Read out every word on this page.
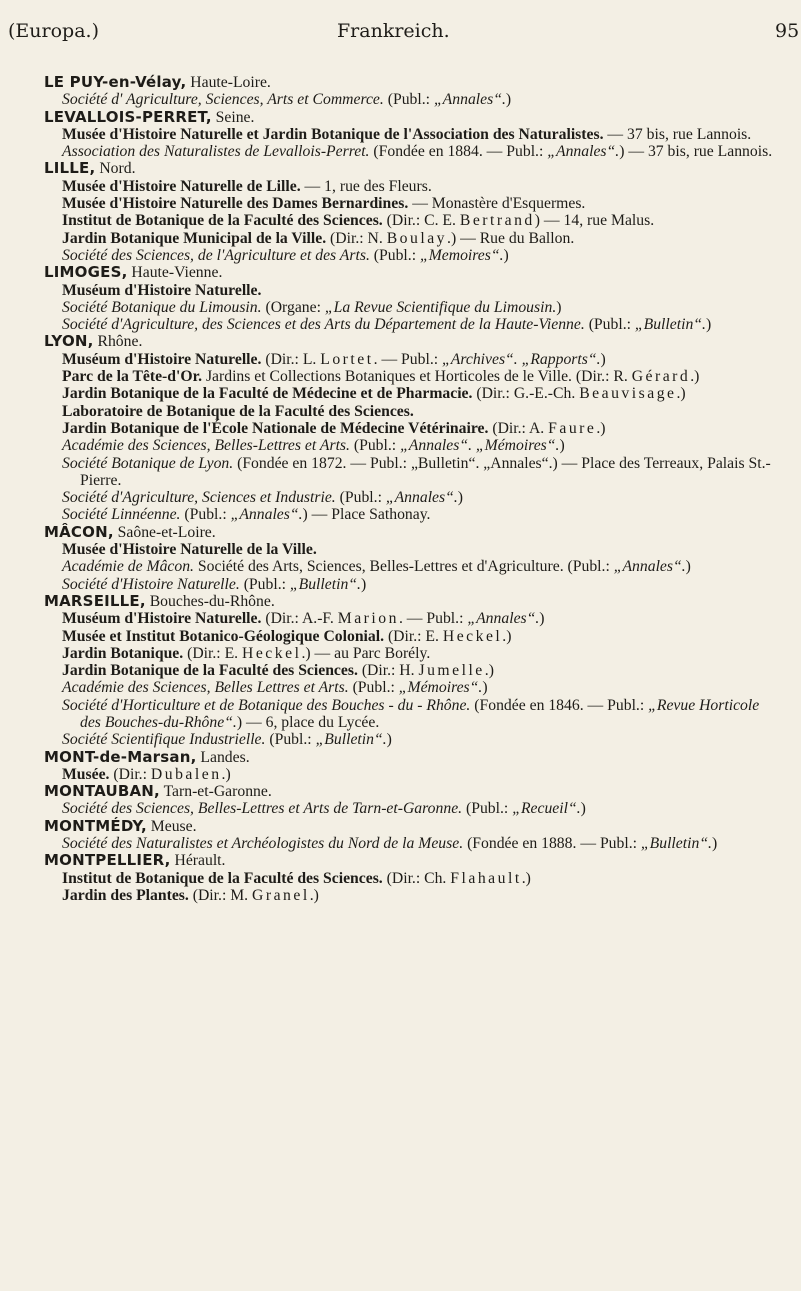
(Europa.)	Frankreich.	95

LE PUY-en-Vélay, Haute-Loire.

Société d' Agriculture, Sciences, Arts et Commerce. (Publ.: „Annales“.)

LEVALLOIS-PERRET, Seine.

Musée d'Histoire Naturelle et Jardin Botanique de l'Association des Naturalistes. — 37 bis, rue Lannois.

Association des Naturalistes de Levallois-Perret. (Fondée en 1884. — Publ.: „Annales“.) — 37 bis, rue Lannois.

LILLE, Nord.

Musée d'Histoire Naturelle de Lille. — 1, rue des Fleurs.

Musée d'Histoire Naturelle des Dames Bernardines. — Monastère d'Esquermes.

Institut de Botanique de la Faculté des Sciences. (Dir.: C. E. Bertrand) — 14, rue Malus.

Jardin Botanique Municipal de la Ville. (Dir.: N. Boulay.) — Rue du Ballon.

Société des Sciences, de l'Agriculture et des Arts. (Publ.: „Memoires“.)

LIMOGES, Haute-Vienne.

Muséum d'Histoire Naturelle.

Société Botanique du Limousin. (Organe: „La Revue Scientifique du Limousin.)

Société d'Agriculture, des Sciences et des Arts du Département de la Haute-Vienne. (Publ.: „Bulletin“.)

LYON, Rhône.

Muséum d'Histoire Naturelle. (Dir.: L. Lortet. — Publ.: „Archives“. „Rapports“.)

Parc de la Tête-d'Or. Jardins et Collections Botaniques et Horticoles de le Ville. (Dir.: R. Gérard.)

Jardin Botanique de la Faculté de Médecine et de Pharmacie. (Dir.: G.-E.-Ch. Beauvisage.)

Laboratoire de Botanique de la Faculté des Sciences.

Jardin Botanique de l'École Nationale de Médecine Vétérinaire. (Dir.: A. Faure.)

Académie des Sciences, Belles-Lettres et Arts. (Publ.: „Annales“. „Mémoires“.)

Société Botanique de Lyon. (Fondée en 1872. — Publ.: „Bulletin“. „Annales“.) — Place des Terreaux, Palais St.-Pierre.

Société d'Agriculture, Sciences et Industrie. (Publ.: „Annales“.)

Société Linnéenne. (Publ.: „Annales“.) — Place Sathonay.

MÂCON, Saône-et-Loire.

Musée d'Histoire Naturelle de la Ville.

Académie de Mâcon. Société des Arts, Sciences, Belles-Lettres et d'Agriculture. (Publ.: „Annales“.)

Société d'Histoire Naturelle. (Publ.: „Bulletin“.)

MARSEILLE, Bouches-du-Rhône.

Muséum d'Histoire Naturelle. (Dir.: A.-F. Marion. — Publ.: „Annales“.)

Musée et Institut Botanico-Géologique Colonial. (Dir.: E. Heckel.)

Jardin Botanique. (Dir.: E. Heckel.) — au Parc Borély.

Jardin Botanique de la Faculté des Sciences. (Dir.: H. Jumelle.)

Académie des Sciences, Belles Lettres et Arts. (Publ.: „Mémoires“.)

Société d'Horticulture et de Botanique des Bouches - du - Rhône. (Fondée en 1846. — Publ.: „Revue Horticole des Bouches-du-Rhône“.) — 6, place du Lycée.

Société Scientifique Industrielle. (Publ.: „Bulletin“.)

MONT-de-Marsan, Landes.

Musée. (Dir.: Dubalen.)

MONTAUBAN, Tarn-et-Garonne.

Société des Sciences, Belles-Lettres et Arts de Tarn-et-Garonne. (Publ.: „Recueil“.)

MONTMÉDY, Meuse.

Société des Naturalistes et Archéologistes du Nord de la Meuse. (Fondée en 1888. — Publ.: „Bulletin“.)

MONTPELLIER, Hérault.

Institut de Botanique de la Faculté des Sciences. (Dir.: Ch. Flahault.)

Jardin des Plantes. (Dir.: M. Granel.)
